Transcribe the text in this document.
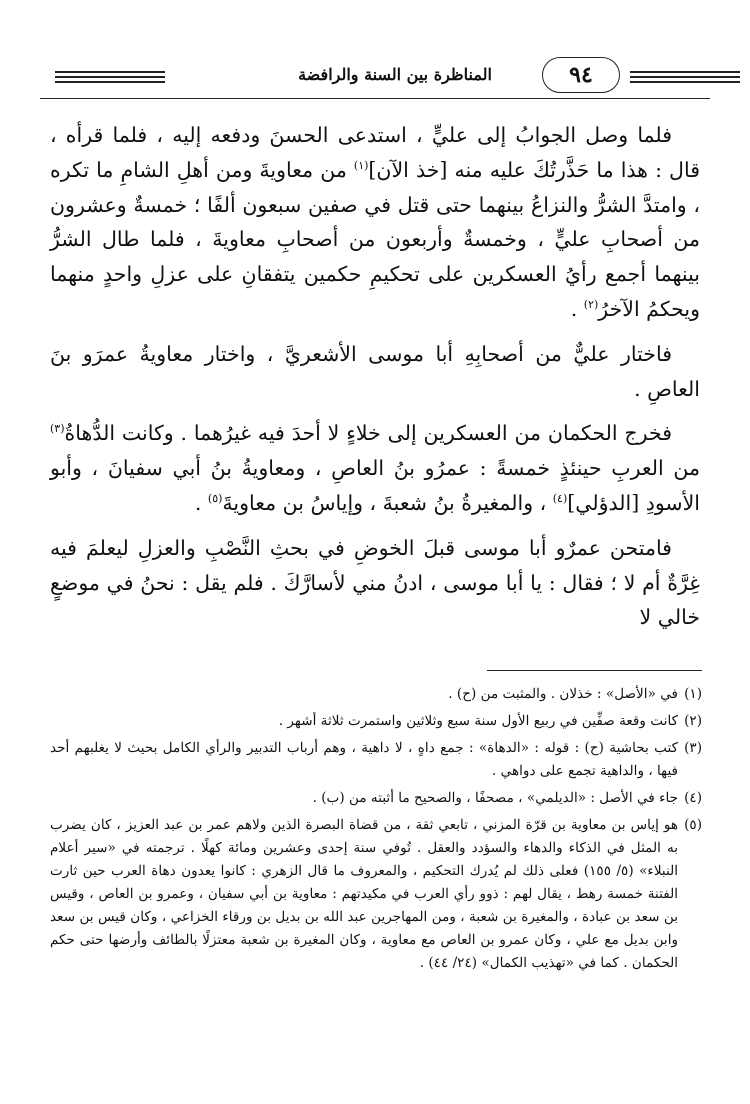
المناظرة بين السنة والرافضة	٩٤

فلما وصل الجوابُ إلى عليٍّ ، استدعى الحسنَ ودفعه إليه ، فلما قرأه ، قال : هذا ما حَذَّرتُكَ عليه منه [خذ الآن]$^{(١)}$ من معاويةَ ومن أهلِ الشامِ ما تكره ، وامتدَّ الشرُّ والنزاعُ بينهما حتى قتل في صفين سبعون ألفًا ؛ خمسةٌ وعشرون من أصحابِ عليٍّ ، وخمسةٌ وأربعون من أصحابِ معاويةَ ، فلما طال الشرُّ بينهما أجمع رأيُ العسكرين على تحكيمِ حكمين يتفقانِ على عزلِ واحدٍ منهما ويحكمُ الآخرُ$^{(٢)}$ .

فاختار عليٌّ من أصحابِهِ أبا موسى الأشعريَّ ، واختار معاويةُ عمرَو بنَ العاصِ .

فخرج الحكمان من العسكرين إلى خلاءٍ لا أحدَ فيه غيرُهما . وكانت الدُّهاةُ$^{(٣)}$ من العربِ حينئذٍ خمسةً : عمرُو بنُ العاصِ ، ومعاويةُ بنُ أبي سفيانَ ، وأبو الأسودِ [الدؤلي]$^{(٤)}$ ، والمغيرةُ بنُ شعبةَ ، وإياسُ بن معاويةَ$^{(٥)}$ .

فامتحن عمرٌو أبا موسى قبلَ الخوضِ في بحثِ النَّصْبِ والعزلِ ليعلمَ فيه غِرَّةٌ أم لا ؛ فقال : يا أبا موسى ، ادنُ مني لأسارَّكَ . فلم يقل : نحنُ في موضعٍ خالي لا

(١)
في «الأصل» : خذلان . والمثبت من (ح) .
(٢)
كانت وقعة صفِّين في ربيع الأول سنة سبع وثلاثين واستمرت ثلاثة أشهر .
(٣)
كتب بحاشية (ح) : قوله : «الدهاة» : جمع داهٍ ، لا داهية ، وهم أرباب التدبير والرأي الكامل بحيث لا يغلبهم أحد فيها ، والداهية تجمع على دواهي .
(٤)
جاء في الأصل : «الديلمي» ، مصحفًا ، والصحيح ما أثبته من (ب) .
(٥)
هو إياس بن معاوية بن قرّة المزني ، تابعي ثقة ، من قضاة البصرة الذين ولاهم عمر بن عبد العزيز ، كان يضرب به المثل في الذكاء والدهاء والسؤدد والعقل . تُوفي سنة إحدى وعشرين ومائة كهلًا . ترجمته في «سير أعلام النبلاء» (٥/ ١٥٥) فعلى ذلك لم يُدرك التحكيم ، والمعروف ما قال الزهري : كانوا يعدون دهاة العرب حين ثارت الفتنة خمسة رهط ، يقال لهم : ذوو رأي العرب في مكيدتهم : معاوية بن أبي سفيان ، وعمرو بن العاص ، وقيس بن سعد بن عبادة ، والمغيرة بن شعبة ، ومن المهاجرين عبد الله بن بديل بن ورقاء الخزاعي ، وكان قيس بن سعد وابن بديل مع علي ، وكان عمرو بن العاص مع معاوية ، وكان المغيرة بن شعبة معتزلًا بالطائف وأرضها حتى حكم الحكمان . كما في «تهذيب الكمال» (٢٤/ ٤٤) .
